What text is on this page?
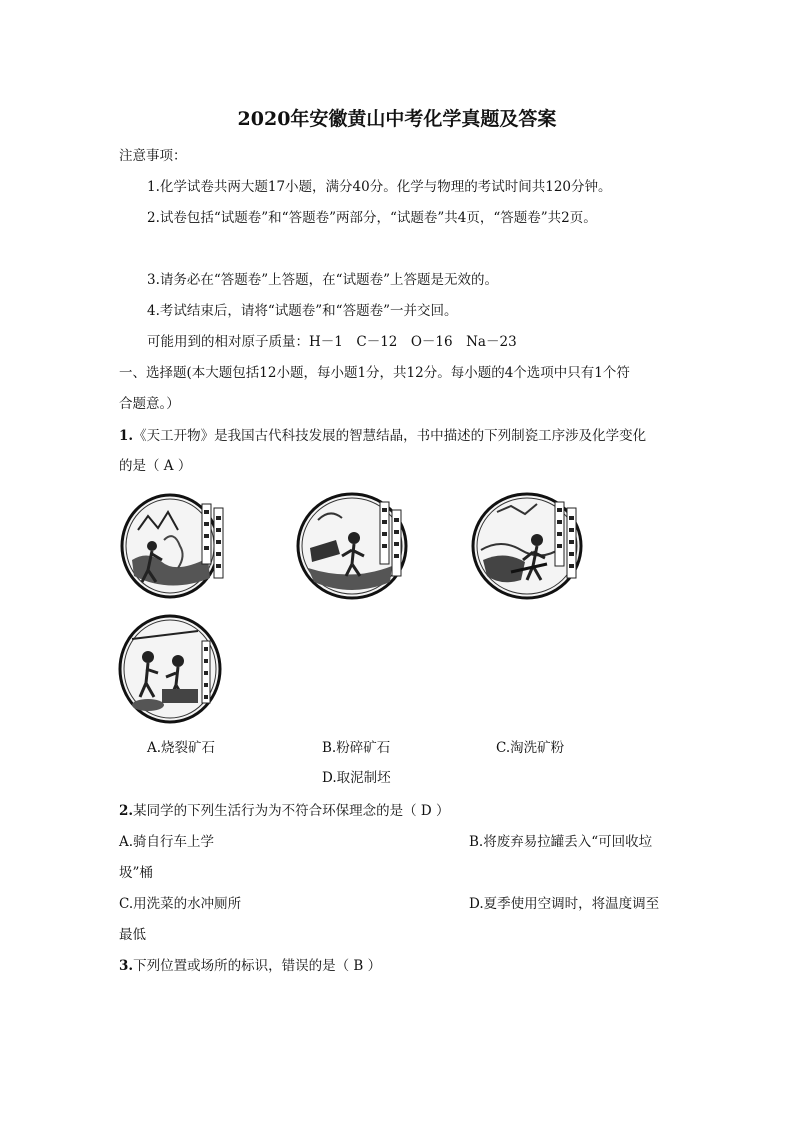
2020年安徽黄山中考化学真题及答案
注意事项：
1.化学试卷共两大题17小题，满分40分。化学与物理的考试时间共120分钟。
2.试卷包括“试题卷”和“答题卷”两部分，“试题卷”共4页，“答题卷”共2页。
3.请务必在“答题卷”上答题，在“试题卷”上答题是无效的。
4.考试结束后，请将“试题卷”和“答题卷”一并交回。
可能用到的相对原子质量：H－1　C－12　O－16　Na－23
一、选择题(本大题包括12小题，每小题1分，共12分。每小题的4个选项中只有1个符
合题意。）
1.《天工开物》是我国古代科技发展的智慧结晶，书中描述的下列制瓷工序涉及化学变化
的是（ A ）
A.烧裂矿石	B.粉碎矿石	C.淘洗矿粉
D.取泥制坯
2.某同学的下列生活行为为不符合环保理念的是（ D ）
A.骑自行车上学	B.将废弃易拉罐丢入“可回收垃
圾”桶
C.用洗菜的水冲厕所	D.夏季使用空调时，将温度调至
最低
3.下列位置或场所的标识，错误的是（ B ）
